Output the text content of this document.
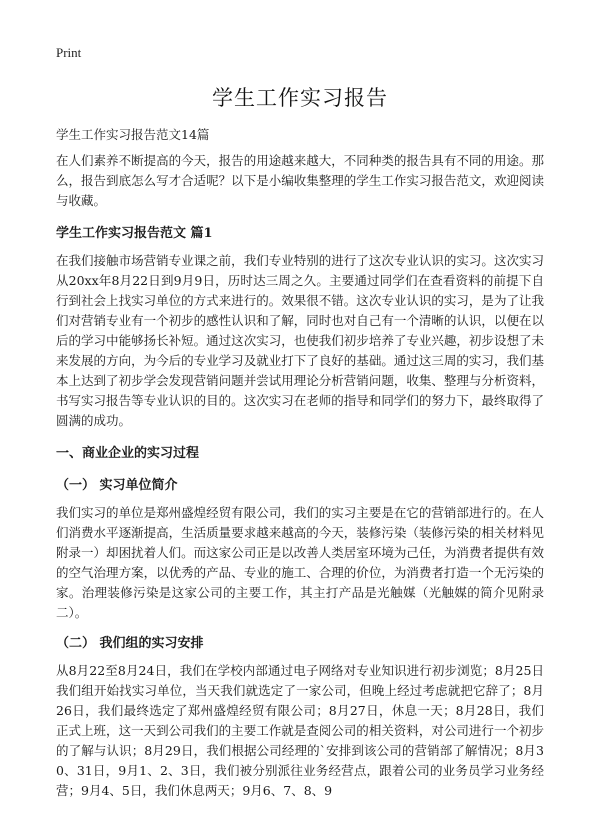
Print
学生工作实习报告
学生工作实习报告范文14篇

在人们素养不断提高的今天，报告的用途越来越大，不同种类的报告具有不同的用途。那么，报告到底怎么写才合适呢？以下是小编收集整理的学生工作实习报告范文，欢迎阅读与收藏。

学生工作实习报告范文 篇1

在我们接触市场营销专业课之前，我们专业特别的进行了这次专业认识的实习。这次实习从20xx年8月22日到9月9日，历时达三周之久。主要通过同学们在查看资料的前提下自行到社会上找实习单位的方式来进行的。效果很不错。这次专业认识的实习，是为了让我们对营销专业有一个初步的感性认识和了解，同时也对自己有一个清晰的认识，以便在以后的学习中能够扬长补短。通过这次实习，也使我们初步培养了专业兴趣，初步设想了未来发展的方向，为今后的专业学习及就业打下了良好的基础。通过这三周的实习，我们基本上达到了初步学会发现营销问题并尝试用理论分析营销问题，收集、整理与分析资料，书写实习报告等专业认识的目的。这次实习在老师的指导和同学们的努力下，最终取得了圆满的成功。

一、商业企业的实习过程
（一） 实习单位简介

我们实习的单位是郑州盛煌经贸有限公司，我们的实习主要是在它的营销部进行的。在人们消费水平逐渐提高，生活质量要求越来越高的今天，装修污染（装修污染的相关材料见附录一）却困扰着人们。而这家公司正是以改善人类居室环境为己任，为消费者提供有效的空气治理方案，以优秀的产品、专业的施工、合理的价位，为消费者打造一个无污染的家。治理装修污染是这家公司的主要工作，其主打产品是光触媒（光触媒的简介见附录二）。

（二） 我们组的实习安排

从8月22至8月24日，我们在学校内部通过电子网络对专业知识进行初步浏览；8月25日我们组开始找实习单位，当天我们就选定了一家公司，但晚上经过考虑就把它辞了；8月26日，我们最终选定了郑州盛煌经贸有限公司；8月27日，休息一天；8月28日，我们正式上班，这一天到公司我们的主要工作就是查阅公司的相关资料，对公司进行一个初步的了解与认识；8月29日，我们根据公司经理的`安排到该公司的营销部了解情况；8月30、31日，9月1、2、3日，我们被分别派往业务经营点，跟着公司的业务员学习业务经营；9月4、5日，我们休息两天；9月6、7、8、9
